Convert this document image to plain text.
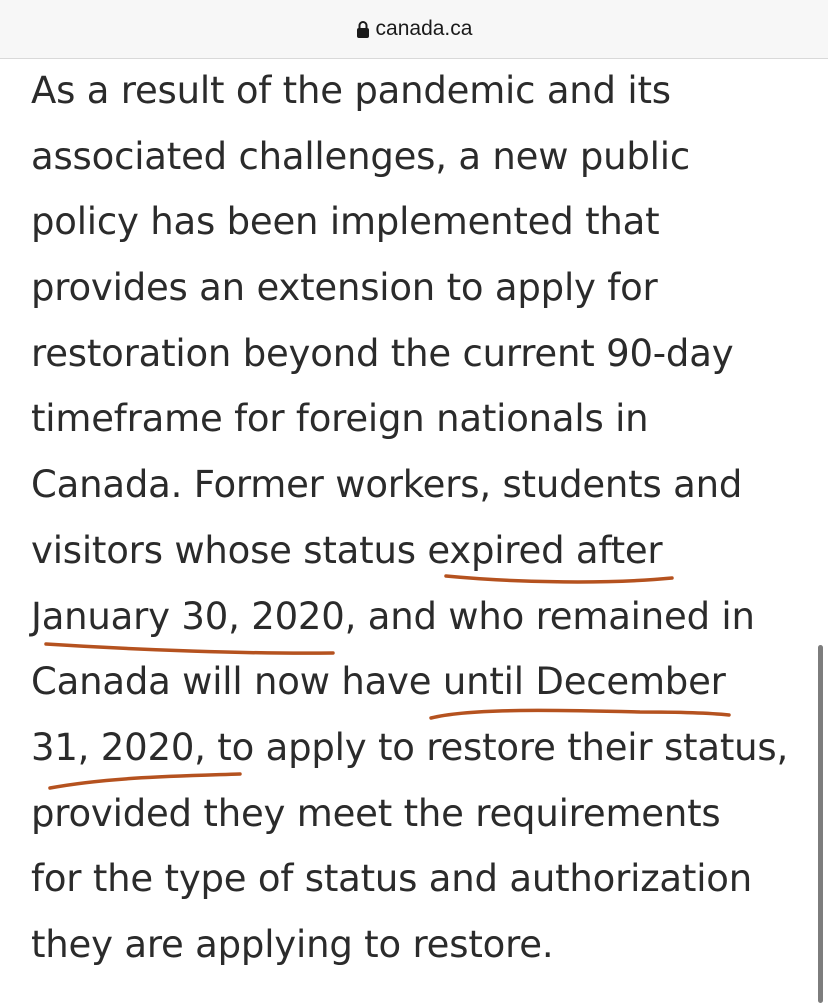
canada.ca
As a result of the pandemic and its
associated challenges, a new public
policy has been implemented that
provides an extension to apply for
restoration beyond the current 90-day
timeframe for foreign nationals in
Canada. Former workers, students and
visitors whose status expired after
January 30, 2020, and who remained in
Canada will now have until December
31, 2020, to apply to restore their status,
provided they meet the requirements
for the type of status and authorization
they are applying to restore.
